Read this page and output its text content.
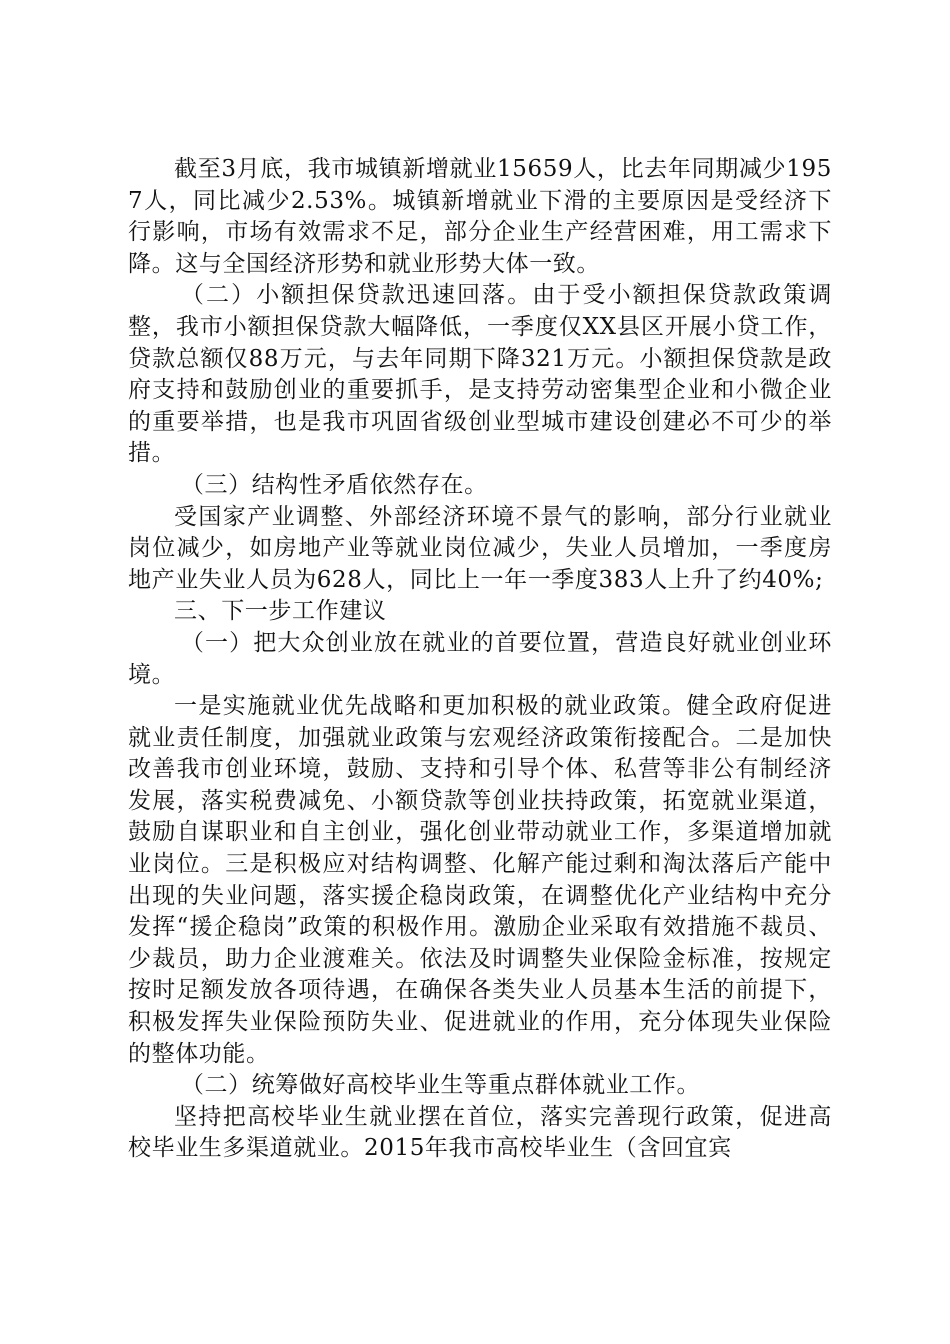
截至3月底，我市城镇新增就业15659人，比去年同期减少1957人，同比减少2.53%。城镇新增就业下滑的主要原因是受经济下行影响，市场有效需求不足，部分企业生产经营困难，用工需求下降。这与全国经济形势和就业形势大体一致。

（二）小额担保贷款迅速回落。由于受小额担保贷款政策调整，我市小额担保贷款大幅降低，一季度仅XX县区开展小贷工作，贷款总额仅88万元，与去年同期下降321万元。小额担保贷款是政府支持和鼓励创业的重要抓手，是支持劳动密集型企业和小微企业的重要举措，也是我市巩固省级创业型城市建设创建必不可少的举措。

（三）结构性矛盾依然存在。

受国家产业调整、外部经济环境不景气的影响，部分行业就业岗位减少，如房地产业等就业岗位减少，失业人员增加，一季度房地产业失业人员为628人，同比上一年一季度383人上升了约40%;

三、下一步工作建议

（一）把大众创业放在就业的首要位置，营造良好就业创业环境。

一是实施就业优先战略和更加积极的就业政策。健全政府促进就业责任制度，加强就业政策与宏观经济政策衔接配合。二是加快改善我市创业环境，鼓励、支持和引导个体、私营等非公有制经济发展，落实税费减免、小额贷款等创业扶持政策，拓宽就业渠道，鼓励自谋职业和自主创业，强化创业带动就业工作，多渠道增加就业岗位。三是积极应对结构调整、化解产能过剩和淘汰落后产能中出现的失业问题，落实援企稳岗政策，在调整优化产业结构中充分发挥“援企稳岗”政策的积极作用。激励企业采取有效措施不裁员、少裁员，助力企业渡难关。依法及时调整失业保险金标准，按规定按时足额发放各项待遇，在确保各类失业人员基本生活的前提下，积极发挥失业保险预防失业、促进就业的作用，充分体现失业保险的整体功能。

（二）统筹做好高校毕业生等重点群体就业工作。

坚持把高校毕业生就业摆在首位，落实完善现行政策，促进高校毕业生多渠道就业。2015年我市高校毕业生（含回宜宾
